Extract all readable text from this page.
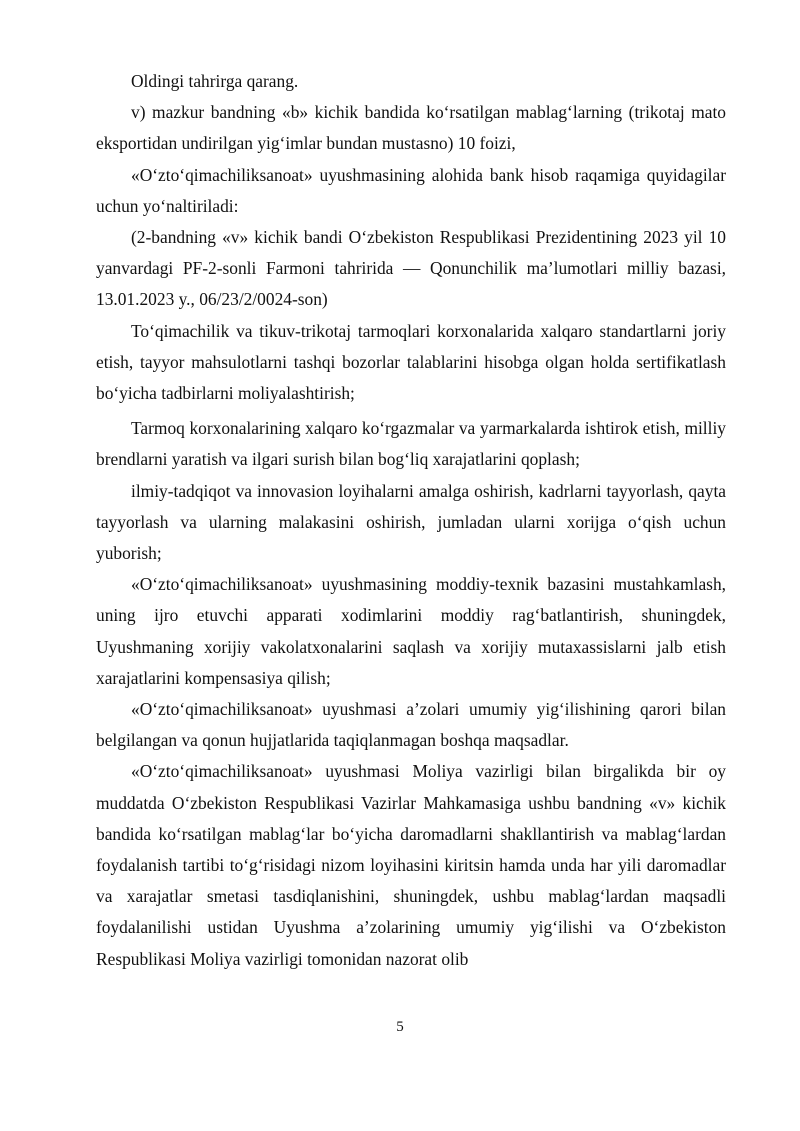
Oldingi tahrirga qarang.

v) mazkur bandning «b» kichik bandida koʻrsatilgan mablagʻlarning (trikotaj mato eksportidan undirilgan yigʻimlar bundan mustasno) 10 foizi,

«Oʻztoʻqimachiliksanoat» uyushmasining alohida bank hisob raqamiga quyidagilar uchun yoʻnaltiriladi:

(2-bandning «v» kichik bandi Oʻzbekiston Respublikasi Prezidentining 2023 yil 10 yanvardagi PF-2-sonli Farmoni tahririda — Qonunchilik maʼlumotlari milliy bazasi, 13.01.2023 y., 06/23/2/0024-son)

Toʻqimachilik va tikuv-trikotaj tarmoqlari korxonalarida xalqaro standartlarni joriy etish, tayyor mahsulotlarni tashqi bozorlar talablarini hisobga olgan holda sertifikatlash boʻyicha tadbirlarni moliyalashtirish;

Tarmoq korxonalarining xalqaro koʻrgazmalar va yarmarkalarda ishtirok etish, milliy brendlarni yaratish va ilgari surish bilan bogʻliq xarajatlarini qoplash;

ilmiy-tadqiqot va innovasion loyihalarni amalga oshirish, kadrlarni tayyorlash, qayta tayyorlash va ularning malakasini oshirish, jumladan ularni xorijga oʻqish uchun yuborish;

«Oʻztoʻqimachiliksanoat» uyushmasining moddiy-texnik bazasini mustahkamlash, uning ijro etuvchi apparati xodimlarini moddiy ragʻbatlantirish, shuningdek, Uyushmaning xorijiy vakolatxonalarini saqlash va xorijiy mutaxassislarni jalb etish xarajatlarini kompensasiya qilish;

«Oʻztoʻqimachiliksanoat» uyushmasi aʼzolari umumiy yigʻilishining qarori bilan belgilangan va qonun hujjatlarida taqiqlanmagan boshqa maqsadlar.

«Oʻztoʻqimachiliksanoat» uyushmasi Moliya vazirligi bilan birgalikda bir oy muddatda Oʻzbekiston Respublikasi Vazirlar Mahkamasiga ushbu bandning «v» kichik bandida koʻrsatilgan mablagʻlar boʻyicha daromadlarni shakllantirish va mablagʻlardan foydalanish tartibi toʻgʻrisidagi nizom loyihasini kiritsin hamda unda har yili daromadlar va xarajatlar smetasi tasdiqlanishini, shuningdek, ushbu mablagʻlardan maqsadli foydalanilishi ustidan Uyushma aʼzolarining umumiy yigʻilishi va Oʻzbekiston Respublikasi Moliya vazirligi tomonidan nazorat olib

5
